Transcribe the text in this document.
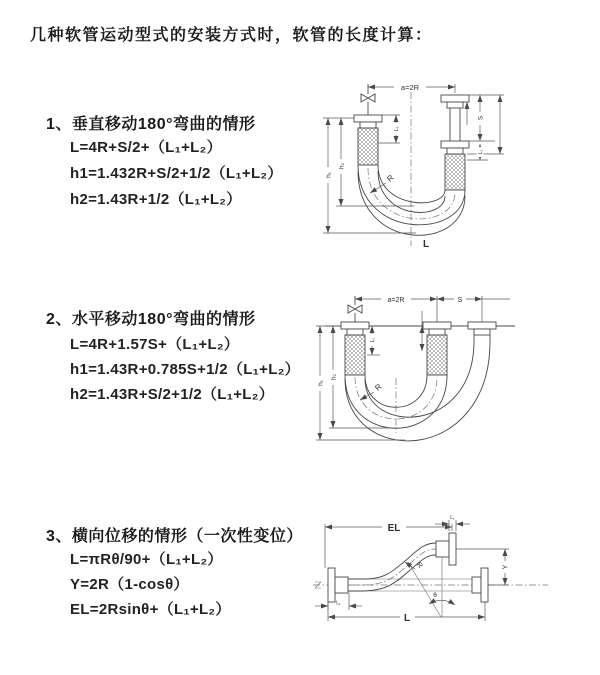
几种软管运动型式的安装方式时，软管的长度计算：
1、垂直移动180°弯曲的情形
L=4R+S/2+（L₁+L₂）
h1=1.432R+S/2+1/2（L₁+L₂）
h2=1.43R+1/2（L₁+L₂）
2、水平移动180°弯曲的情形
L=4R+1.57S+（L₁+L₂）
h1=1.43R+0.785S+1/2（L₁+L₂）
h2=1.43R+S/2+1/2（L₁+L₂）
3、横向位移的情形（一次性变位）
L=πRθ/90+（L₁+L₂）
Y=2R（1-cosθ）
EL=2Rsinθ+（L₁+L₂）
a=2R
h₁
h₂
L₁
S
L₁
R
L
a=2R	S
h₁
h₂
L₁
R
EL
L₁
Y
θ
R
L
L₁
